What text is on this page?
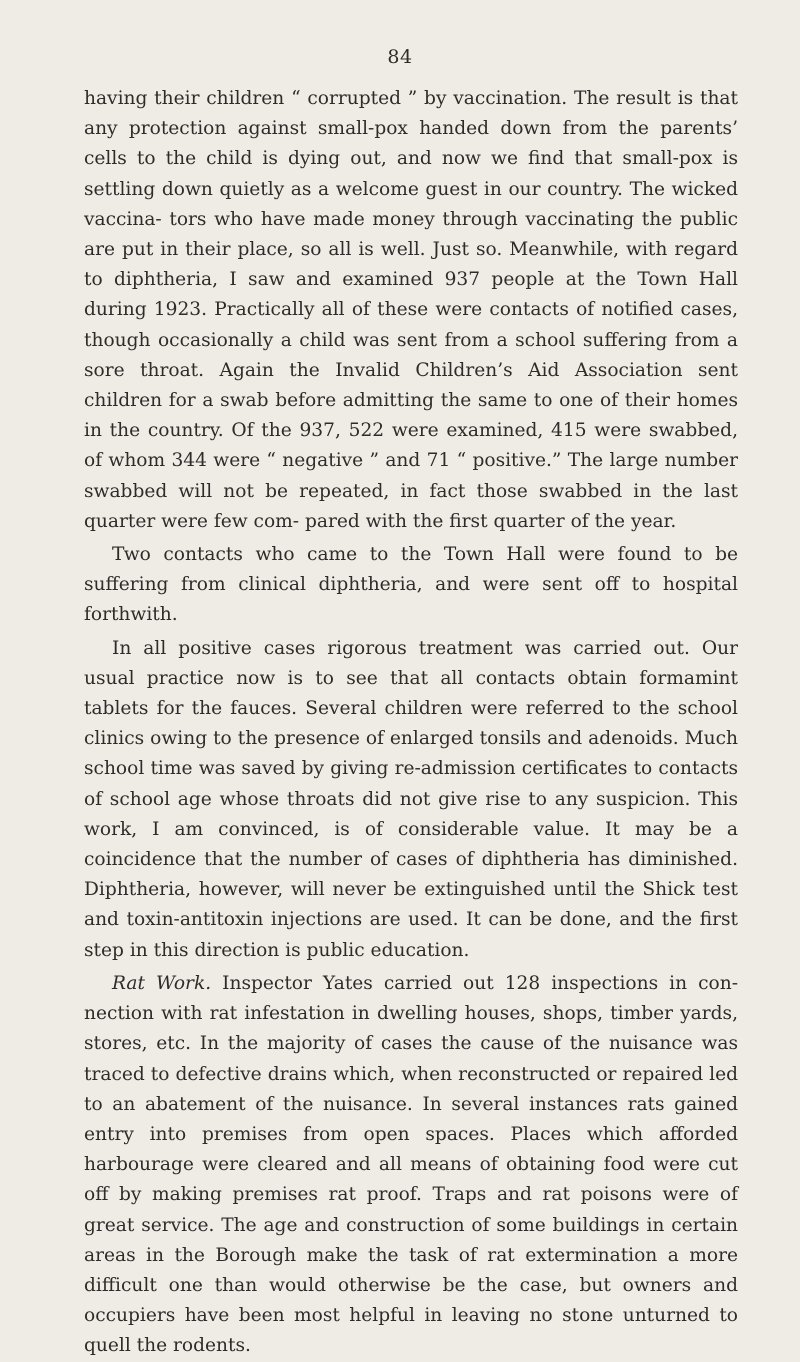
84

having their children “ corrupted ” by vaccination. The result is that any protection against small-pox handed down from the parents’ cells to the child is dying out, and now we find that small-pox is settling down quietly as a welcome guest in our country. The wicked vaccina- tors who have made money through vaccinating the public are put in their place, so all is well. Just so. Meanwhile, with regard to diphtheria, I saw and examined 937 people at the Town Hall during 1923. Practically all of these were contacts of notified cases, though occasionally a child was sent from a school suffering from a sore throat. Again the Invalid Children’s Aid Association sent children for a swab before admitting the same to one of their homes in the country. Of the 937, 522 were examined, 415 were swabbed, of whom 344 were “ negative ” and 71 “ positive.” The large number swabbed will not be repeated, in fact those swabbed in the last quarter were few com- pared with the first quarter of the year.

Two contacts who came to the Town Hall were found to be suffering from clinical diphtheria, and were sent off to hospital forthwith.

In all positive cases rigorous treatment was carried out. Our usual practice now is to see that all contacts obtain formamint tablets for the fauces. Several children were referred to the school clinics owing to the presence of enlarged tonsils and adenoids. Much school time was saved by giving re-admission certificates to contacts of school age whose throats did not give rise to any suspicion. This work, I am convinced, is of considerable value. It may be a coincidence that the number of cases of diphtheria has diminished. Diphtheria, however, will never be extinguished until the Shick test and toxin-antitoxin injections are used. It can be done, and the first step in this direction is public education.

Rat Work. Inspector Yates carried out 128 inspections in con- nection with rat infestation in dwelling houses, shops, timber yards, stores, etc. In the majority of cases the cause of the nuisance was traced to defective drains which, when reconstructed or repaired led to an abatement of the nuisance. In several instances rats gained entry into premises from open spaces. Places which afforded harbourage were cleared and all means of obtaining food were cut off by making premises rat proof. Traps and rat poisons were of great service. The age and construction of some buildings in certain areas in the Borough make the task of rat extermination a more difficult one than would otherwise be the case, but owners and occupiers have been most helpful in leaving no stone unturned to quell the rodents.
